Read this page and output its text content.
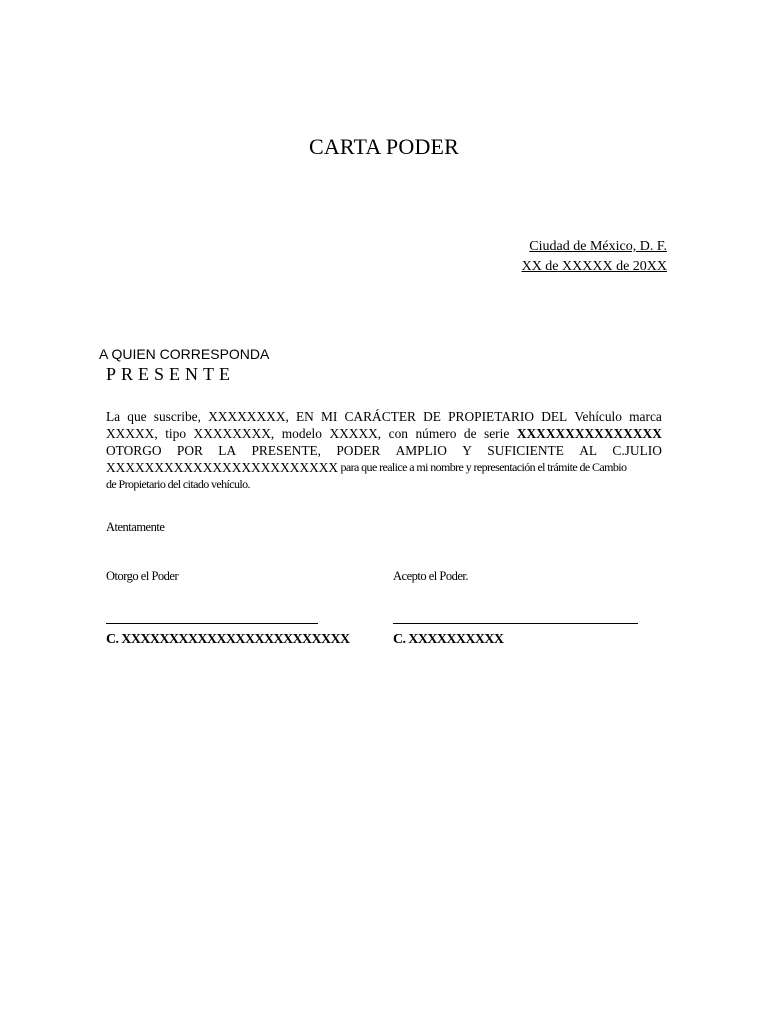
CARTA PODER
Ciudad de México, D. F.
XX de XXXXX de 20XX
A QUIEN CORRESPONDA
PRESENTE
La que suscribe, XXXXXXXX, EN MI CARÁCTER DE PROPIETARIO DEL Vehículo marca
XXXXX, tipo XXXXXXXX, modelo XXXXX, con número de serie XXXXXXXXXXXXXXX
OTORGO POR LA PRESENTE, PODER AMPLIO Y SUFICIENTE AL C.JULIO
XXXXXXXXXXXXXXXXXXXXXXXX para que realice a mi nombre y representación el trámite de Cambio
de Propietario del citado vehículo.
Atentamente
Otorgo el Poder	Acepto el Poder.
C. XXXXXXXXXXXXXXXXXXXXXXXX	C. XXXXXXXXXX
